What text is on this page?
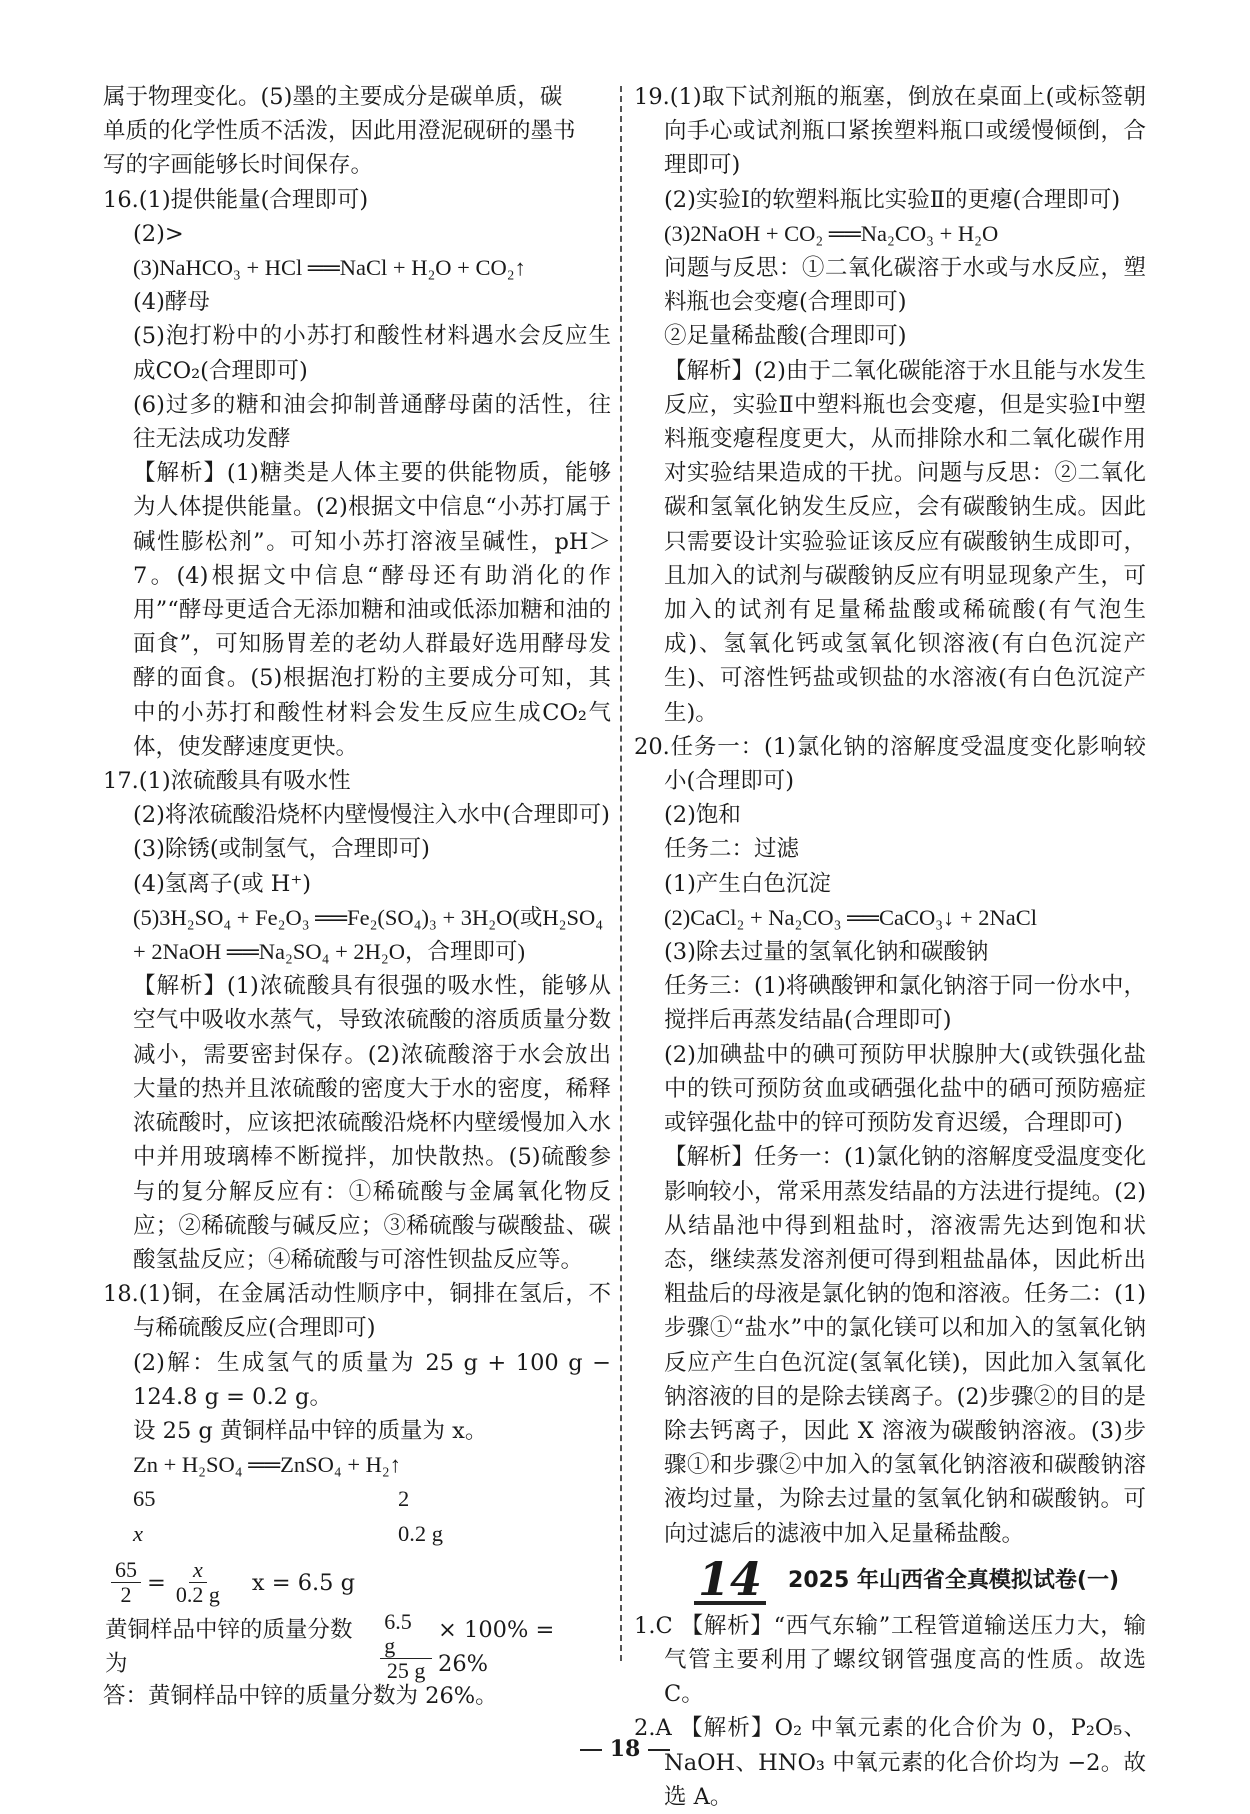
属于物理变化。(5)墨的主要成分是碳单质，碳

单质的化学性质不活泼，因此用澄泥砚研的墨书

写的字画能够长时间保存。

16.(1)提供能量(合理即可)

(2)>

(3)NaHCO₃ + HCl ══NaCl + H₂O + CO₂↑

(4)酵母

(5)泡打粉中的小苏打和酸性材料遇水会反应生成CO₂(合理即可)

(6)过多的糖和油会抑制普通酵母菌的活性，往往无法成功发酵

【解析】(1)糖类是人体主要的供能物质，能够为人体提供能量。(2)根据文中信息“小苏打属于碱性膨松剂”。可知小苏打溶液呈碱性，pH＞7。(4)根据文中信息“酵母还有助消化的作用”“酵母更适合无添加糖和油或低添加糖和油的面食”，可知肠胃差的老幼人群最好选用酵母发酵的面食。(5)根据泡打粉的主要成分可知，其中的小苏打和酸性材料会发生反应生成CO₂气体，使发酵速度更快。

17.(1)浓硫酸具有吸水性

(2)将浓硫酸沿烧杯内壁慢慢注入水中(合理即可)

(3)除锈(或制氢气，合理即可)

(4)氢离子(或 H⁺)

(5)3H₂SO₄ + Fe₂O₃ ══Fe₂(SO₄)₃ + 3H₂O(或H₂SO₄ + 2NaOH ══Na₂SO₄ + 2H₂O，合理即可)

【解析】(1)浓硫酸具有很强的吸水性，能够从空气中吸收水蒸气，导致浓硫酸的溶质质量分数减小，需要密封保存。(2)浓硫酸溶于水会放出大量的热并且浓硫酸的密度大于水的密度，稀释浓硫酸时，应该把浓硫酸沿烧杯内壁缓慢加入水中并用玻璃棒不断搅拌，加快散热。(5)硫酸参与的复分解反应有：①稀硫酸与金属氧化物反应；②稀硫酸与碱反应；③稀硫酸与碳酸盐、碳酸氢盐反应；④稀硫酸与可溶性钡盐反应等。

18.(1)铜，在金属活动性顺序中，铜排在氢后，不与稀硫酸反应(合理即可)

(2)解：生成氢气的质量为 25 g + 100 g − 124.8 g = 0.2 g。

设 25 g 黄铜样品中锌的质量为 x。

Zn + H₂SO₄ ══ZnSO₄ + H₂↑

65	2
x	0.2 g
$\frac{65}{2} = \frac{x}{0.2 g}$ x = 6.5 g
黄铜样品中锌的质量分数为	$\frac{6.5 g}{25 g} \times 100\% = 26\%$

答：黄铜样品中锌的质量分数为 26%。

19.(1)取下试剂瓶的瓶塞，倒放在桌面上(或标签朝向手心或试剂瓶口紧挨塑料瓶口或缓慢倾倒，合理即可)

(2)实验Ⅰ的软塑料瓶比实验Ⅱ的更瘪(合理即可)

(3)2NaOH + CO₂ ══Na₂CO₃ + H₂O

问题与反思：①二氧化碳溶于水或与水反应，塑料瓶也会变瘪(合理即可)

②足量稀盐酸(合理即可)

【解析】(2)由于二氧化碳能溶于水且能与水发生反应，实验Ⅱ中塑料瓶也会变瘪，但是实验Ⅰ中塑料瓶变瘪程度更大，从而排除水和二氧化碳作用对实验结果造成的干扰。问题与反思：②二氧化碳和氢氧化钠发生反应，会有碳酸钠生成。因此只需要设计实验验证该反应有碳酸钠生成即可，且加入的试剂与碳酸钠反应有明显现象产生，可加入的试剂有足量稀盐酸或稀硫酸(有气泡生成)、氢氧化钙或氢氧化钡溶液(有白色沉淀产生)、可溶性钙盐或钡盐的水溶液(有白色沉淀产生)。

20.任务一：(1)氯化钠的溶解度受温度变化影响较小(合理即可)

(2)饱和

任务二：过滤

(1)产生白色沉淀

(2)CaCl₂ + Na₂CO₃ ══CaCO₃↓ + 2NaCl

(3)除去过量的氢氧化钠和碳酸钠

任务三：(1)将碘酸钾和氯化钠溶于同一份水中，搅拌后再蒸发结晶(合理即可)

(2)加碘盐中的碘可预防甲状腺肿大(或铁强化盐中的铁可预防贫血或硒强化盐中的硒可预防癌症或锌强化盐中的锌可预防发育迟缓，合理即可)

【解析】任务一：(1)氯化钠的溶解度受温度变化影响较小，常采用蒸发结晶的方法进行提纯。(2)从结晶池中得到粗盐时，溶液需先达到饱和状态，继续蒸发溶剂便可得到粗盐晶体，因此析出粗盐后的母液是氯化钠的饱和溶液。任务二：(1)步骤①“盐水”中的氯化镁可以和加入的氢氧化钠反应产生白色沉淀(氢氧化镁)，因此加入氢氧化钠溶液的目的是除去镁离子。(2)步骤②的目的是除去钙离子，因此 X 溶液为碳酸钠溶液。(3)步骤①和步骤②中加入的氢氧化钠溶液和碳酸钠溶液均过量，为除去过量的氢氧化钠和碳酸钠。可向过滤后的滤液中加入足量稀盐酸。

14 2025 年山西省全真模拟试卷(一)

1.C 【解析】“西气东输”工程管道输送压力大，输气管主要利用了螺纹钢管强度高的性质。故选 C。

2.A 【解析】O₂ 中氧元素的化合价为 0，P₂O₅、NaOH、HNO₃ 中氧元素的化合价均为 −2。故选 A。

18
